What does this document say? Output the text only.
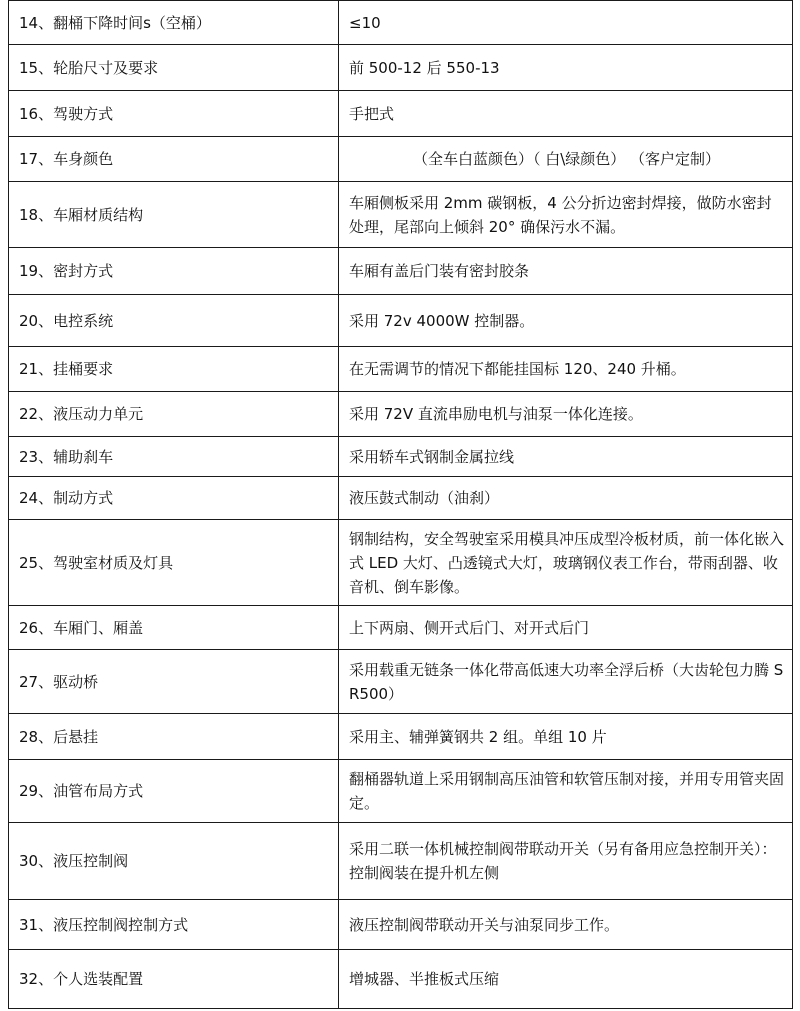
14、翻桶下降时间s（空桶）	≤10
15、轮胎尺寸及要求	前 500-12 后 550-13
16、驾驶方式	手把式
17、车身颜色	（全车白蓝颜色）（ 白\绿颜色） （客户定制）
18、车厢材质结构	车厢侧板采用 2mm 碳钢板，4 公分折边密封焊接，做防水密封处理，尾部向上倾斜 20° 确保污水不漏。
19、密封方式	车厢有盖后门装有密封胶条
20、电控系统	采用 72v 4000W 控制器。
21、挂桶要求	在无需调节的情况下都能挂国标 120、240 升桶。
22、液压动力单元	采用 72V 直流串励电机与油泵一体化连接。
23、辅助刹车	采用轿车式钢制金属拉线
24、制动方式	液压鼓式制动（油刹）
25、驾驶室材质及灯具	钢制结构，安全驾驶室采用模具冲压成型冷板材质，前一体化嵌入式 LED 大灯、凸透镜式大灯，玻璃钢仪表工作台，带雨刮器、收音机、倒车影像。
26、车厢门、厢盖	上下两扇、侧开式后门、对开式后门
27、驱动桥	采用载重无链条一体化带高低速大功率全浮后桥（大齿轮包力腾 SR500）
28、后悬挂	采用主、辅弹簧钢共 2 组。单组 10 片
29、油管布局方式	翻桶器轨道上采用钢制高压油管和软管压制对接，并用专用管夹固定。
30、液压控制阀	采用二联一体机械控制阀带联动开关（另有备用应急控制开关）：控制阀装在提升机左侧
31、液压控制阀控制方式	液压控制阀带联动开关与油泵同步工作。
32、个人选装配置	增城器、半推板式压缩
